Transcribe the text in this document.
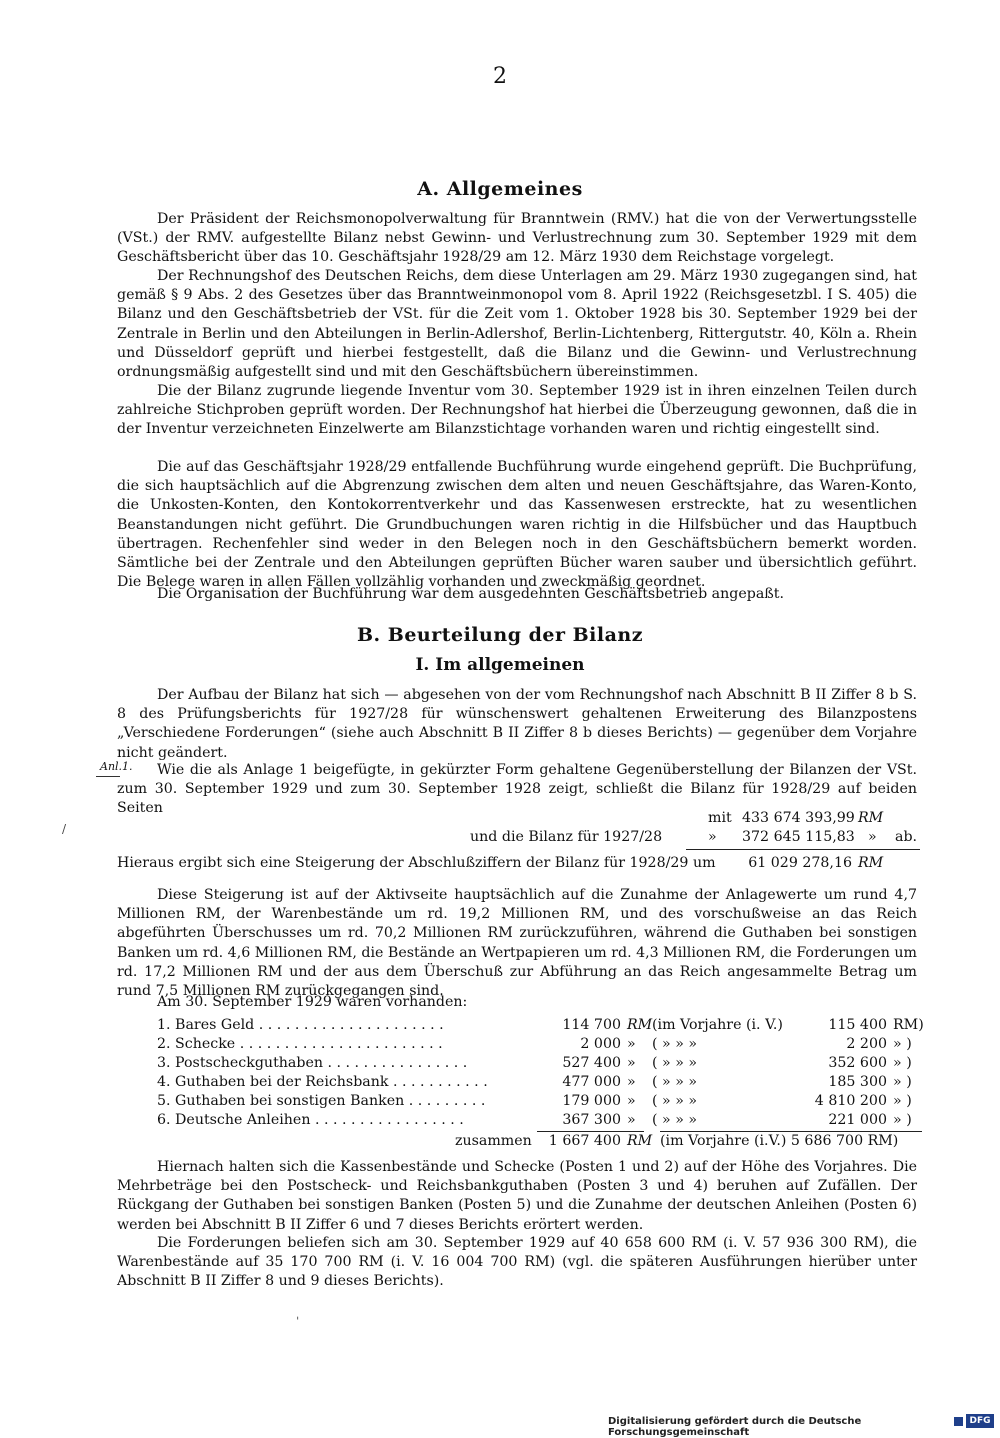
2
A. Allgemeines

Der Präsident der Reichsmonopolverwaltung für Branntwein (RMV.) hat die von der Verwertungsstelle (VSt.) der RMV. aufgestellte Bilanz nebst Gewinn- und Verlustrechnung zum 30. September 1929 mit dem Geschäftsbericht über das 10. Geschäftsjahr 1928/29 am 12. März 1930 dem Reichstage vorgelegt.

Der Rechnungshof des Deutschen Reichs, dem diese Unterlagen am 29. März 1930 zugegangen sind, hat gemäß § 9 Abs. 2 des Gesetzes über das Branntweinmonopol vom 8. April 1922 (Reichsgesetzbl. I S. 405) die Bilanz und den Geschäftsbetrieb der VSt. für die Zeit vom 1. Oktober 1928 bis 30. September 1929 bei der Zentrale in Berlin und den Abteilungen in Berlin-Adlershof, Berlin-Lichtenberg, Rittergutstr. 40, Köln a. Rhein und Düsseldorf geprüft und hierbei festgestellt, daß die Bilanz und die Gewinn- und Verlustrechnung ordnungsmäßig aufgestellt sind und mit den Geschäftsbüchern übereinstimmen.

Die der Bilanz zugrunde liegende Inventur vom 30. September 1929 ist in ihren einzelnen Teilen durch zahlreiche Stichproben geprüft worden. Der Rechnungshof hat hierbei die Überzeugung gewonnen, daß die in der Inventur verzeichneten Einzelwerte am Bilanzstichtage vorhanden waren und richtig eingestellt sind.

Die auf das Geschäftsjahr 1928/29 entfallende Buchführung wurde eingehend geprüft. Die Buchprüfung, die sich hauptsächlich auf die Abgrenzung zwischen dem alten und neuen Geschäftsjahre, das Waren-Konto, die Unkosten-Konten, den Kontokorrentverkehr und das Kassenwesen erstreckte, hat zu wesentlichen Beanstandungen nicht geführt. Die Grundbuchungen waren richtig in die Hilfsbücher und das Hauptbuch übertragen. Rechenfehler sind weder in den Belegen noch in den Geschäftsbüchern bemerkt worden. Sämtliche bei der Zentrale und den Abteilungen geprüften Bücher waren sauber und übersichtlich geführt. Die Belege waren in allen Fällen vollzählig vorhanden und zweckmäßig geordnet.

Die Organisation der Buchführung war dem ausgedehnten Geschäftsbetrieb angepaßt.

B. Beurteilung der Bilanz
I. Im allgemeinen

Der Aufbau der Bilanz hat sich — abgesehen von der vom Rechnungshof nach Abschnitt B II Ziffer 8 b S. 8 des Prüfungsberichts für 1927/28 für wünschenswert gehaltenen Erweiterung des Bilanzpostens „Verschiedene Forderungen“ (siehe auch Abschnitt B II Ziffer 8 b dieses Berichts) — gegenüber dem Vorjahre nicht geändert.

Anl.1.	Wie die als Anlage 1 beigefügte, in gekürzter Form gehaltene Gegenüberstellung der Bilanzen der VSt. zum 30. September 1929 und zum 30. September 1928 zeigt, schließt die Bilanz für 1928/29 auf beiden Seiten

mit 433 674 393,99 RM
und die Bilanz für 1927/28	» 372 645 115,83 » ab.
Hieraus ergibt sich eine Steigerung der Abschlußziffern der Bilanz für 1928/29 um	61 029 278,16 RM

Diese Steigerung ist auf der Aktivseite hauptsächlich auf die Zunahme der Anlagewerte um rund 4,7 Millionen RM, der Warenbestände um rd. 19,2 Millionen RM, und des vorschußweise an das Reich abgeführten Überschusses um rd. 70,2 Millionen RM zurückzuführen, während die Guthaben bei sonstigen Banken um rd. 4,6 Millionen RM, die Bestände an Wertpapieren um rd. 4,3 Millionen RM, die Forderungen um rd. 17,2 Millionen RM und der aus dem Überschuß zur Abführung an das Reich angesammelte Betrag um rund 7,5 Millionen RM zurückgegangen sind.

Am 30. September 1929 waren vorhanden:
1. Bares Geld . . . . . . . . . . . . . . . . . . . . .	114 700 RM (im Vorjahre (i. V.)	115 400 RM)
2. Schecke . . . . . . . . . . . . . . . . . . . . . . .	2 000 » ( » » »	2 200 » )
3. Postscheckguthaben . . . . . . . . . . . . . . . .	527 400 » ( » » »	352 600 » )
4. Guthaben bei der Reichsbank . . . . . . . . . . .	477 000 » ( » » »	185 300 » )
5. Guthaben bei sonstigen Banken . . . . . . . . .	179 000 » ( » » »	4 810 200 » )
6. Deutsche Anleihen . . . . . . . . . . . . . . . . .	367 300 » ( » » »	221 000 » )
zusammen	1 667 400 RM (im Vorjahre (i.V.) 5 686 700 RM)

Hiernach halten sich die Kassenbestände und Schecke (Posten 1 und 2) auf der Höhe des Vorjahres. Die Mehrbeträge bei den Postscheck- und Reichsbankguthaben (Posten 3 und 4) beruhen auf Zufällen. Der Rückgang der Guthaben bei sonstigen Banken (Posten 5) und die Zunahme der deutschen Anleihen (Posten 6) werden bei Abschnitt B II Ziffer 6 und 7 dieses Berichts erörtert werden.

Die Forderungen beliefen sich am 30. September 1929 auf 40 658 600 RM (i. V. 57 936 300 RM), die Warenbestände auf 35 170 700 RM (i. V. 16 004 700 RM) (vgl. die späteren Ausführungen hierüber unter Abschnitt B II Ziffer 8 und 9 dieses Berichts).

ˈ
/
Digitalisierung gefördert durch die Deutsche Forschungsgemeinschaft
DFG
